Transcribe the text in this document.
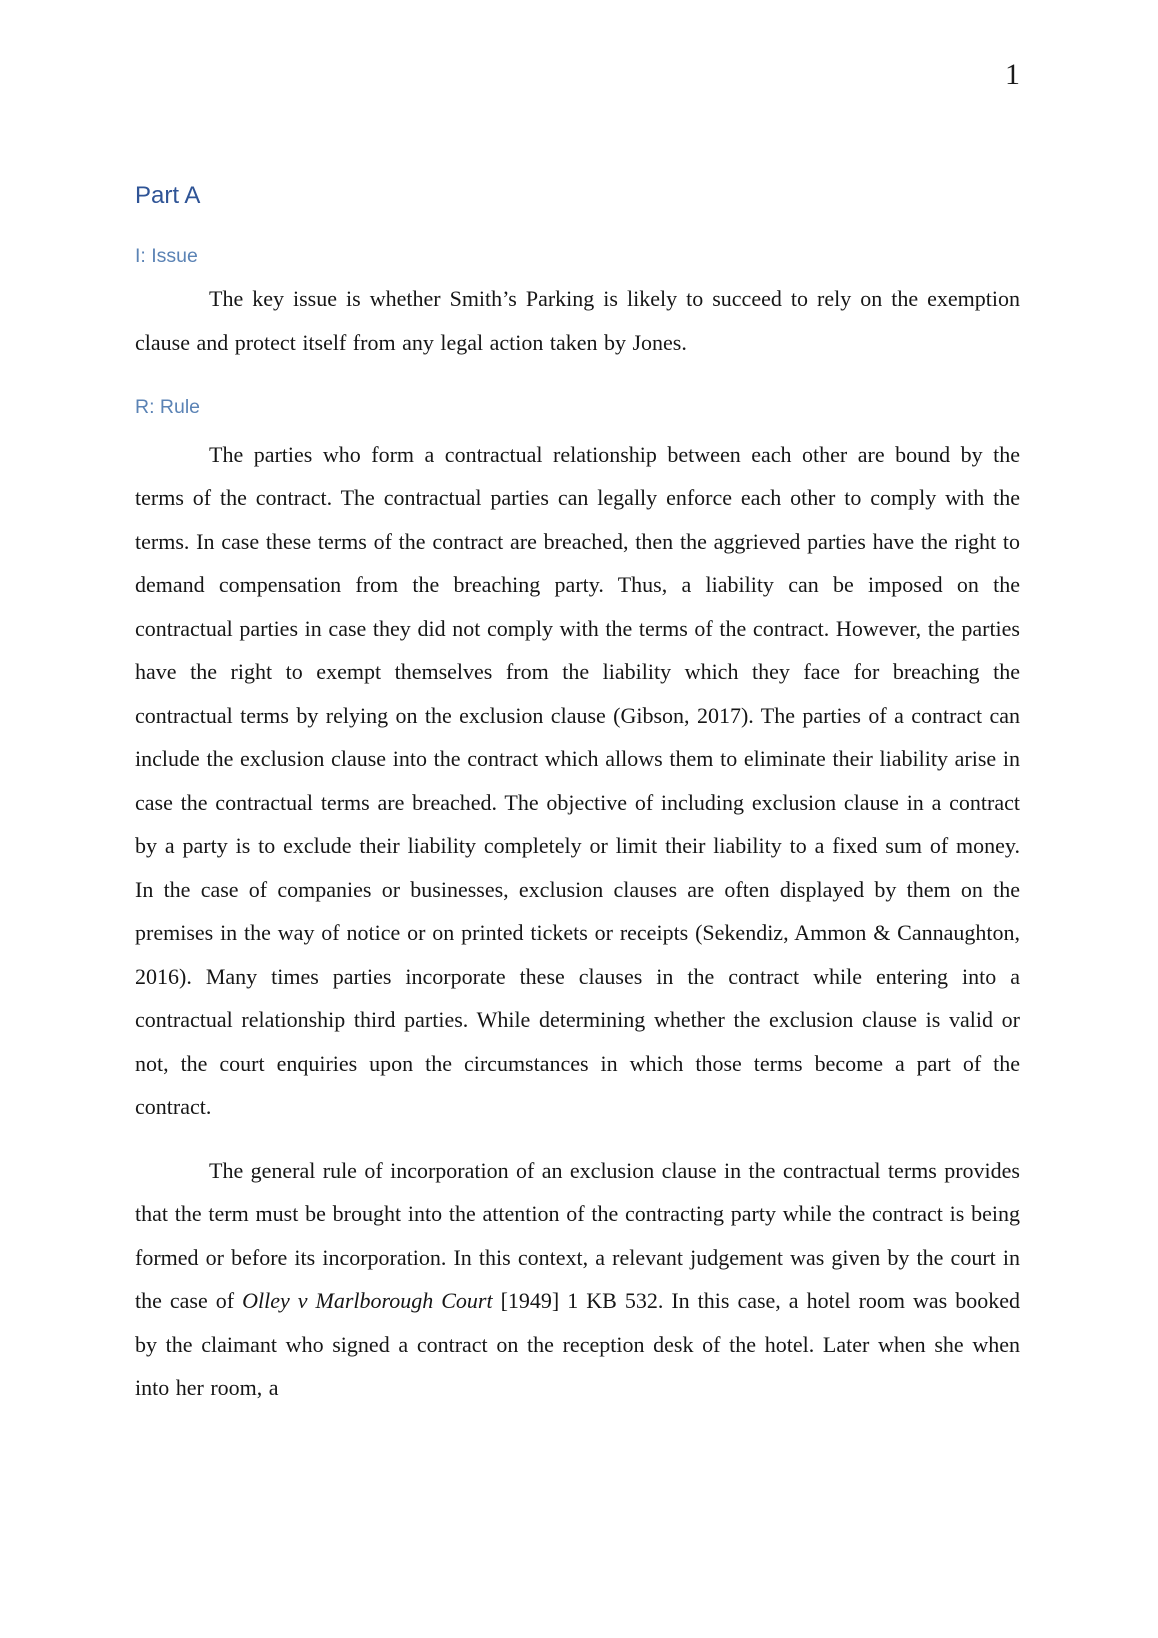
1
Part A
I: Issue

The key issue is whether Smith’s Parking is likely to succeed to rely on the exemption clause and protect itself from any legal action taken by Jones.

R: Rule

The parties who form a contractual relationship between each other are bound by the terms of the contract. The contractual parties can legally enforce each other to comply with the terms. In case these terms of the contract are breached, then the aggrieved parties have the right to demand compensation from the breaching party. Thus, a liability can be imposed on the contractual parties in case they did not comply with the terms of the contract. However, the parties have the right to exempt themselves from the liability which they face for breaching the contractual terms by relying on the exclusion clause (Gibson, 2017). The parties of a contract can include the exclusion clause into the contract which allows them to eliminate their liability arise in case the contractual terms are breached. The objective of including exclusion clause in a contract by a party is to exclude their liability completely or limit their liability to a fixed sum of money. In the case of companies or businesses, exclusion clauses are often displayed by them on the premises in the way of notice or on printed tickets or receipts (Sekendiz, Ammon & Cannaughton, 2016). Many times parties incorporate these clauses in the contract while entering into a contractual relationship third parties. While determining whether the exclusion clause is valid or not, the court enquiries upon the circumstances in which those terms become a part of the contract.

The general rule of incorporation of an exclusion clause in the contractual terms provides that the term must be brought into the attention of the contracting party while the contract is being formed or before its incorporation. In this context, a relevant judgement was given by the court in the case of Olley v Marlborough Court [1949] 1 KB 532. In this case, a hotel room was booked by the claimant who signed a contract on the reception desk of the hotel. Later when she when into her room, a
